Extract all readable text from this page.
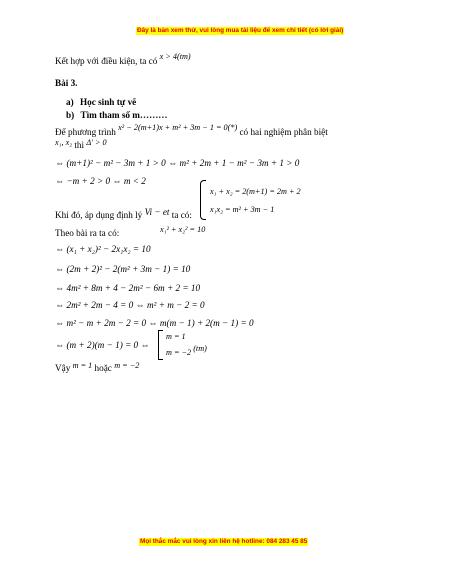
Đây là bản xem thử, vui lòng mua tài liệu để xem chi tiết (có lời giải)
Kết hợp với điều kiện, ta có x > 4(tm)
Bài 3.
a) Học sinh tự vẽ
b) Tìm tham số m………
Để phương trình x² − 2(m+1)x + m² + 3m − 1 = 0(*) có hai nghiệm phân biệt
x₁, x₂ thì Δ' > 0
⇔ (m+1)² − m² − 3m + 1 > 0 ⇔ m² + 2m + 1 − m² − 3m + 1 > 0
⇔ −m + 2 > 0 ⇔ m < 2
x₁ + x₂ = 2(m+1) = 2m + 2
x₁x₂ = m² + 3m − 1
Khi đó, áp dụng định lý Vi − et ta có:
x₁² + x₂² = 10
Theo bài ra ta có:
⇔ (x₁ + x₂)² − 2x₁x₂ = 10
⇔ (2m + 2)² − 2(m² + 3m − 1) = 10
⇔ 4m² + 8m + 4 − 2m² − 6m + 2 = 10
⇔ 2m² + 2m − 4 = 0 ⇔ m² + m − 2 = 0
⇔ m² − m + 2m − 2 = 0 ⇔ m(m − 1) + 2(m − 1) = 0
⇔ (m + 2)(m − 1) = 0 ⇔
m = 1
m = −2 (tm)
Vậy m = 1 hoặc m = −2
Mọi thắc mắc vui lòng xin liên hệ hotline: 084 283 45 85
